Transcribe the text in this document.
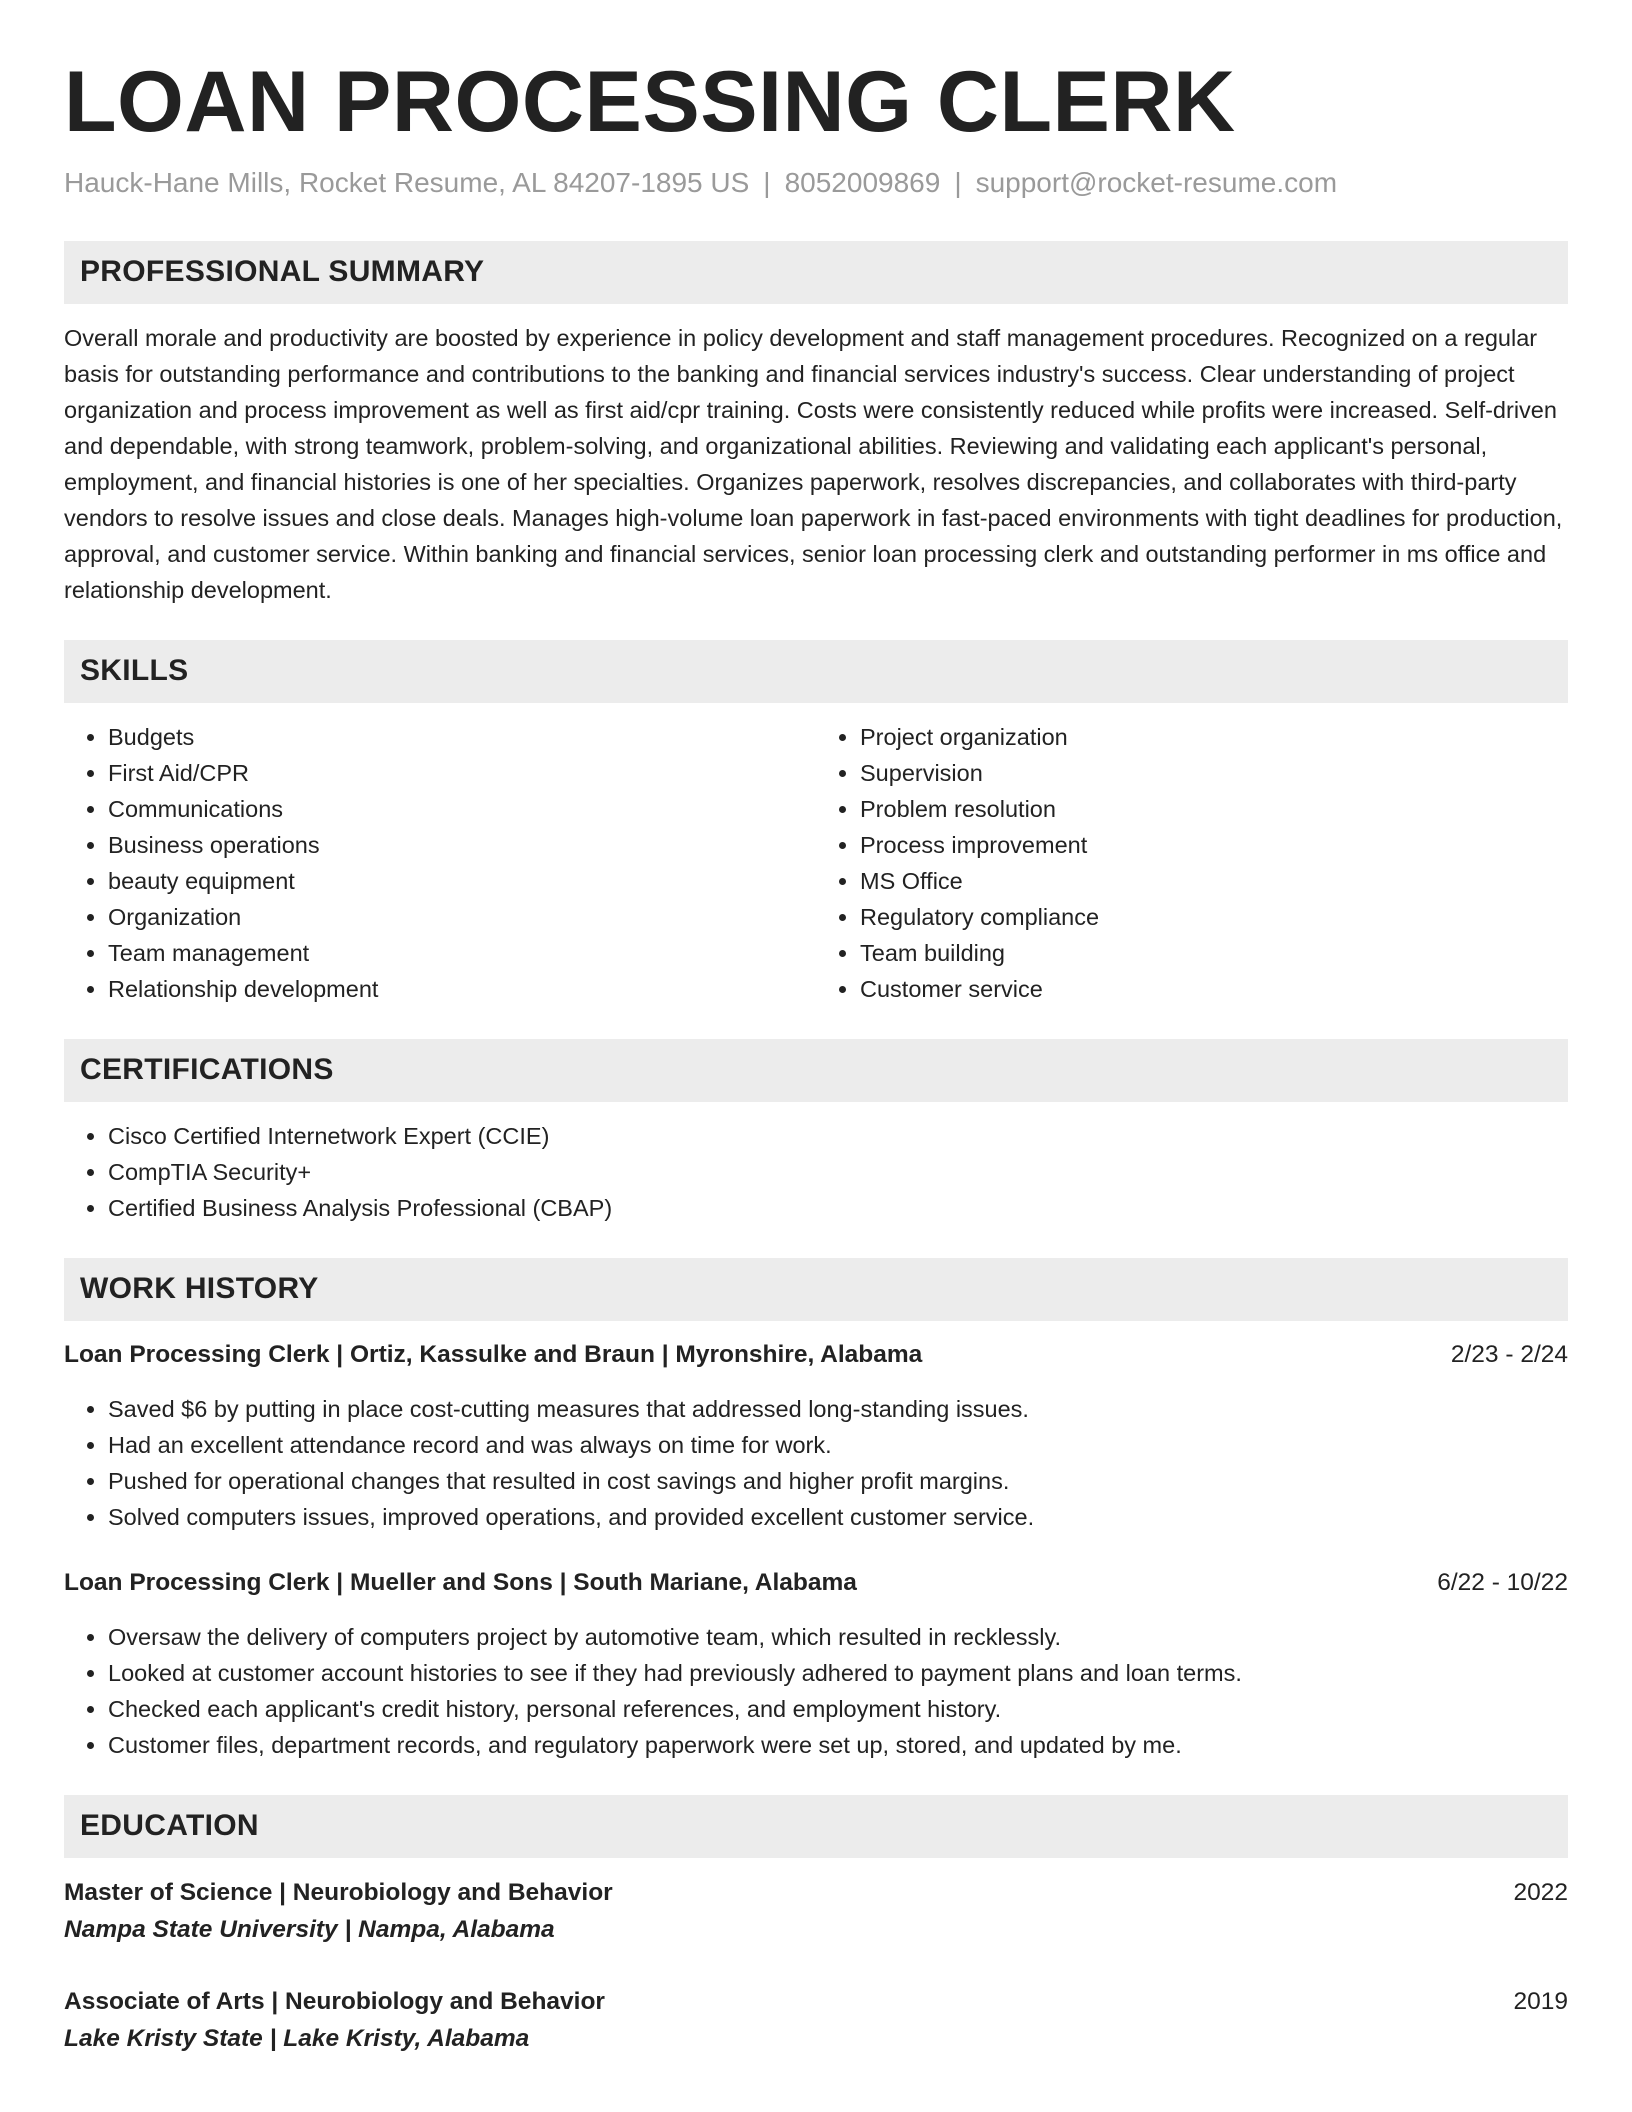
LOAN PROCESSING CLERK
Hauck-Hane Mills, Rocket Resume, AL 84207-1895 US | 8052009869 | support@rocket-resume.com
PROFESSIONAL SUMMARY

Overall morale and productivity are boosted by experience in policy development and staff management procedures. Recognized on a regular basis for outstanding performance and contributions to the banking and financial services industry's success. Clear understanding of project organization and process improvement as well as first aid/cpr training. Costs were consistently reduced while profits were increased. Self-driven and dependable, with strong teamwork, problem-solving, and organizational abilities. Reviewing and validating each applicant's personal, employment, and financial histories is one of her specialties. Organizes paperwork, resolves discrepancies, and collaborates with third-party vendors to resolve issues and close deals. Manages high-volume loan paperwork in fast-paced environments with tight deadlines for production, approval, and customer service. Within banking and financial services, senior loan processing clerk and outstanding performer in ms office and relationship development.

SKILLS
• Budgets
• First Aid/CPR
• Communications
• Business operations
• beauty equipment
• Organization
• Team management
• Relationship development
• Project organization
• Supervision
• Problem resolution
• Process improvement
• MS Office
• Regulatory compliance
• Team building
• Customer service
CERTIFICATIONS
• Cisco Certified Internetwork Expert (CCIE)
• CompTIA Security+
• Certified Business Analysis Professional (CBAP)
WORK HISTORY
Loan Processing Clerk | Ortiz, Kassulke and Braun | Myronshire, Alabama	2/23 - 2/24
• Saved $6 by putting in place cost-cutting measures that addressed long-standing issues.
• Had an excellent attendance record and was always on time for work.
• Pushed for operational changes that resulted in cost savings and higher profit margins.
• Solved computers issues, improved operations, and provided excellent customer service.
Loan Processing Clerk | Mueller and Sons | South Mariane, Alabama	6/22 - 10/22
• Oversaw the delivery of computers project by automotive team, which resulted in recklessly.
• Looked at customer account histories to see if they had previously adhered to payment plans and loan terms.
• Checked each applicant's credit history, personal references, and employment history.
• Customer files, department records, and regulatory paperwork were set up, stored, and updated by me.
EDUCATION
Master of Science | Neurobiology and Behavior	2022
Nampa State University | Nampa, Alabama
Associate of Arts | Neurobiology and Behavior	2019
Lake Kristy State | Lake Kristy, Alabama
